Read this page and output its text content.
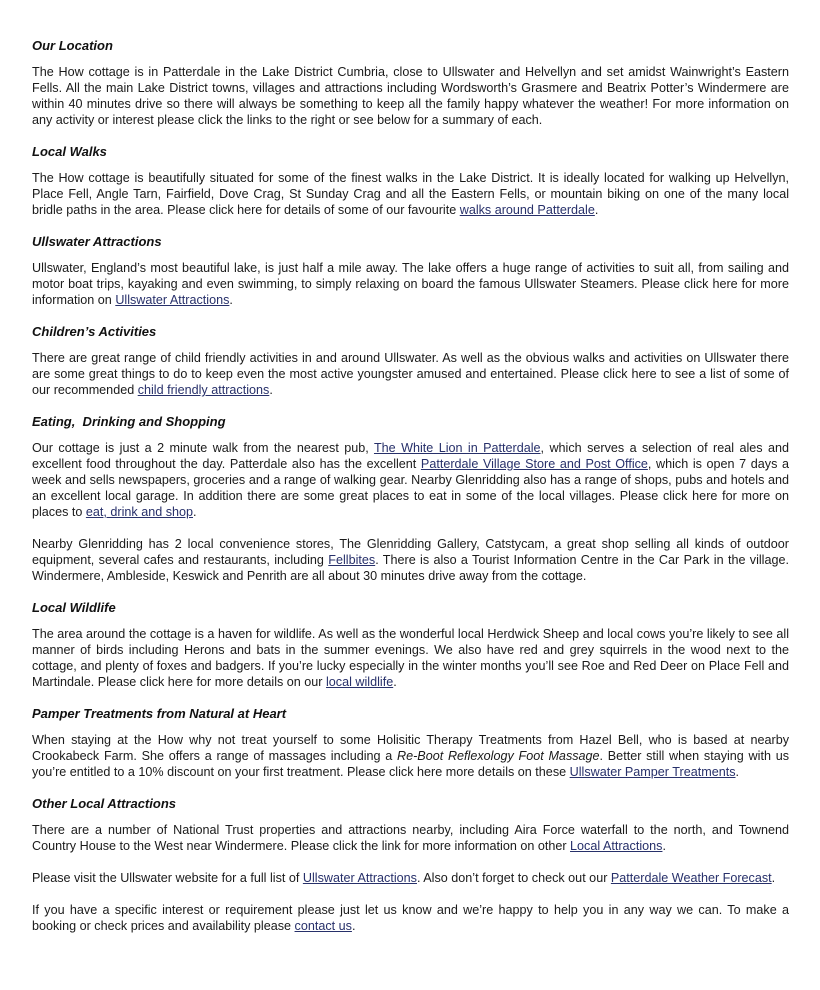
Our Location

The How cottage is in Patterdale in the Lake District Cumbria, close to Ullswater and Helvellyn and set amidst Wainwright’s Eastern Fells. All the main Lake District towns, villages and attractions including Wordsworth’s Grasmere and Beatrix Potter’s Windermere are within 40 minutes drive so there will always be something to keep all the family happy whatever the weather! For more information on any activity or interest please click the links to the right or see below for a summary of each.

Local Walks

The How cottage is beautifully situated for some of the finest walks in the Lake District. It is ideally located for walking up Helvellyn, Place Fell, Angle Tarn, Fairfield, Dove Crag, St Sunday Crag and all the Eastern Fells, or mountain biking on one of the many local bridle paths in the area. Please click here for details of some of our favourite walks around Patterdale.

Ullswater Attractions

Ullswater, England’s most beautiful lake, is just half a mile away. The lake offers a huge range of activities to suit all, from sailing and motor boat trips, kayaking and even swimming, to simply relaxing on board the famous Ullswater Steamers. Please click here for more information on Ullswater Attractions.

Children’s Activities

There are great range of child friendly activities in and around Ullswater. As well as the obvious walks and activities on Ullswater there are some great things to do to keep even the most active youngster amused and entertained. Please click here to see a list of some of our recommended child friendly attractions.

Eating,  Drinking and Shopping

Our cottage is just a 2 minute walk from the nearest pub, The White Lion in Patterdale, which serves a selection of real ales and excellent food throughout the day. Patterdale also has the excellent Patterdale Village Store and Post Office, which is open 7 days a week and sells newspapers, groceries and a range of walking gear. Nearby Glenridding also has a range of shops, pubs and hotels and an excellent local garage. In addition there are some great places to eat in some of the local villages. Please click here for more on places to eat, drink and shop.

Nearby Glenridding has 2 local convenience stores, The Glenridding Gallery, Catstycam, a great shop selling all kinds of outdoor equipment, several cafes and restaurants, including Fellbites. There is also a Tourist Information Centre in the Car Park in the village. Windermere, Ambleside, Keswick and Penrith are all about 30 minutes drive away from the cottage.

Local Wildlife

The area around the cottage is a haven for wildlife. As well as the wonderful local Herdwick Sheep and local cows you’re likely to see all manner of birds including Herons and bats in the summer evenings. We also have red and grey squirrels in the wood next to the cottage, and plenty of foxes and badgers. If you’re lucky especially in the winter months you’ll see Roe and Red Deer on Place Fell and Martindale. Please click here for more details on our local wildlife.

Pamper Treatments from Natural at Heart

When staying at the How why not treat yourself to some Holisitic Therapy Treatments from Hazel Bell, who is based at nearby Crookabeck Farm. She offers a range of massages including a Re-Boot Reflexology Foot Massage. Better still when staying with us you’re entitled to a 10% discount on your first treatment. Please click here more details on these Ullswater Pamper Treatments.

Other Local Attractions

There are a number of National Trust properties and attractions nearby, including Aira Force waterfall to the north, and Townend Country House to the West near Windermere. Please click the link for more information on other Local Attractions.

Please visit the Ullswater website for a full list of Ullswater Attractions. Also don’t forget to check out our Patterdale Weather Forecast.

If you have a specific interest or requirement please just let us know and we’re happy to help you in any way we can. To make a booking or check prices and availability please contact us.
